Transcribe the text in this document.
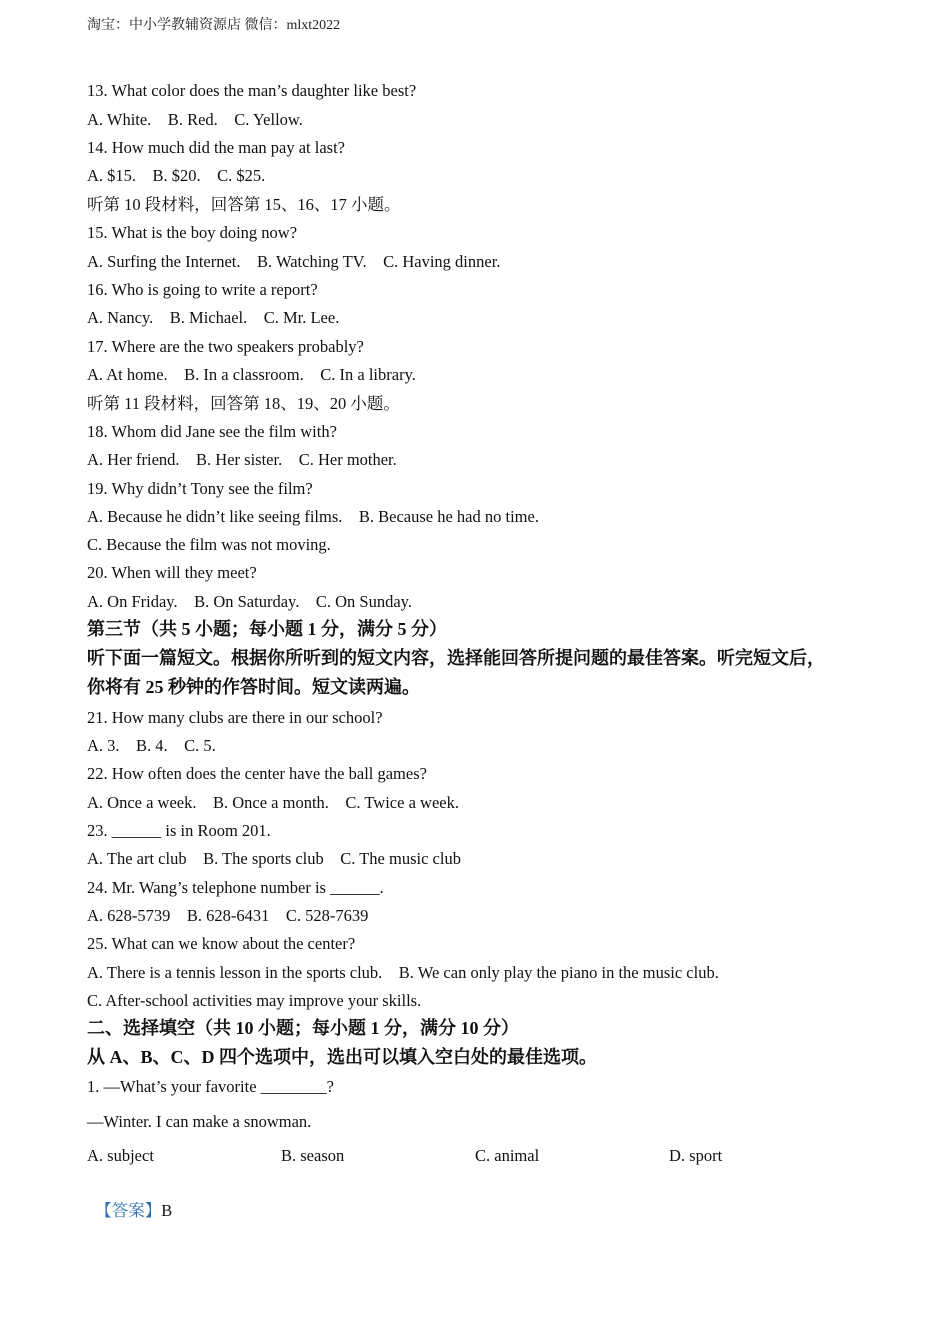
淘宝：中小学教辅资源店 微信：mlxt2022
13. What color does the man’s daughter like best?
A. White.    B. Red.    C. Yellow.
14. How much did the man pay at last?
A. $15.    B. $20.    C. $25.
听第 10 段材料，回答第 15、16、17 小题。
15. What is the boy doing now?
A. Surfing the Internet.    B. Watching TV.    C. Having dinner.
16. Who is going to write a report?
A. Nancy.    B. Michael.    C. Mr. Lee.
17. Where are the two speakers probably?
A. At home.    B. In a classroom.    C. In a library.
听第 11 段材料，回答第 18、19、20 小题。
18. Whom did Jane see the film with?
A. Her friend.    B. Her sister.    C. Her mother.
19. Why didn’t Tony see the film?
A. Because he didn’t like seeing films.    B. Because he had no time.
C. Because the film was not moving.
20. When will they meet?
A. On Friday.    B. On Saturday.    C. On Sunday.
第三节（共 5 小题；每小题 1 分，满分 5 分）
听下面一篇短文。根据你所听到的短文内容，选择能回答所提问题的最佳答案。听完短文后，
你将有 25 秒钟的作答时间。短文读两遍。
21. How many clubs are there in our school?
A. 3.    B. 4.    C. 5.
22. How often does the center have the ball games?
A. Once a week.    B. Once a month.    C. Twice a week.
23. ______ is in Room 201.
A. The art club    B. The sports club    C. The music club
24. Mr. Wang’s telephone number is ______.
A. 628-5739    B. 628-6431    C. 528-7639
25. What can we know about the center?
A. There is a tennis lesson in the sports club.    B. We can only play the piano in the music club.
C. After-school activities may improve your skills.
二、选择填空（共 10 小题；每小题 1 分，满分 10 分）
从 A、B、C、D 四个选项中，选出可以填入空白处的最佳选项。
1. —What’s your favorite ________?
—Winter. I can make a snowman.
A. subject	B. season	C. animal	D. sport

【答案】B
